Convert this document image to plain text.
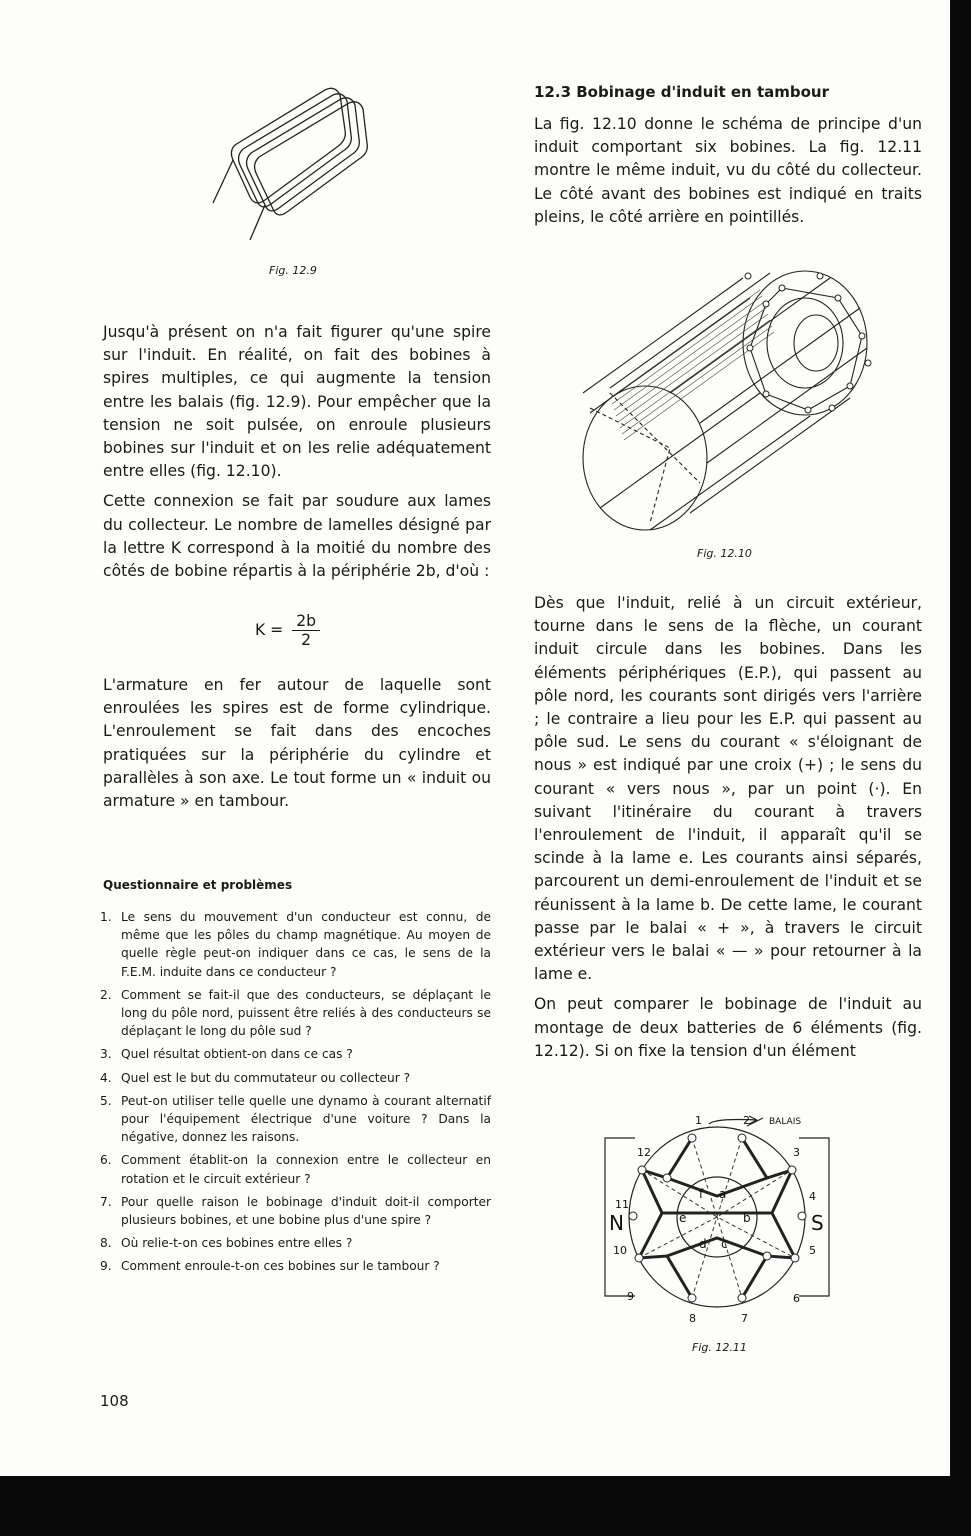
Fig. 12.9

Jusqu'à présent on n'a fait figurer qu'une spire sur l'induit. En réalité, on fait des bobines à spires multiples, ce qui augmente la tension entre les balais (fig. 12.9). Pour empêcher que la tension ne soit pulsée, on enroule plusieurs bobines sur l'induit et on les relie adéquatement entre elles (fig. 12.10).

Cette connexion se fait par soudure aux lames du collecteur. Le nombre de lamelles désigné par la lettre K correspond à la moitié du nombre des côtés de bobine répartis à la périphérie 2b, d'où :

$K = \frac{2b}{2}$

L'armature en fer autour de laquelle sont enroulées les spires est de forme cylindrique. L'enroulement se fait dans des encoches pratiquées sur la périphérie du cylindre et parallèles à son axe. Le tout forme un « induit ou armature » en tambour.

Questionnaire et problèmes
1. Le sens du mouvement d'un conducteur est connu, de même que les pôles du champ magnétique. Au moyen de quelle règle peut-on indiquer dans ce cas, le sens de la F.E.M. induite dans ce conducteur ?
2. Comment se fait-il que des conducteurs, se déplaçant le long du pôle nord, puissent être reliés à des conducteurs se déplaçant le long du pôle sud ?
3. Quel résultat obtient-on dans ce cas ?
4. Quel est le but du commutateur ou collecteur ?
5. Peut-on utiliser telle quelle une dynamo à courant alternatif pour l'équipement électrique d'une voiture ? Dans la négative, donnez les raisons.
6. Comment établit-on la connexion entre le collecteur en rotation et le circuit extérieur ?
7. Pour quelle raison le bobinage d'induit doit-il comporter plusieurs bobines, et une bobine plus d'une spire ?
8. Où relie-t-on ces bobines entre elles ?
9. Comment enroule-t-on ces bobines sur le tambour ?
108
12.3 Bobinage d'induit en tambour

La fig. 12.10 donne le schéma de principe d'un induit comportant six bobines. La fig. 12.11 montre le même induit, vu du côté du collecteur. Le côté avant des bobines est indiqué en traits pleins, le côté arrière en pointillés.

Fig. 12.10

Dès que l'induit, relié à un circuit extérieur, tourne dans le sens de la flèche, un courant induit circule dans les bobines. Dans les éléments périphériques (E.P.), qui passent au pôle nord, les courants sont dirigés vers l'arrière ; le contraire a lieu pour les E.P. qui passent au pôle sud. Le sens du courant « s'éloignant de nous » est indiqué par une croix (+) ; le sens du courant « vers nous », par un point (·). En suivant l'itinéraire du courant à travers l'enroulement de l'induit, il apparaît qu'il se scinde à la lame e. Les courants ainsi séparés, parcourent un demi-enroulement de l'induit et se réunissent à la lame b. De cette lame, le courant passe par le balai « + », à travers le circuit extérieur vers le balai « — » pour retourner à la lame e.

On peut comparer le bobinage de l'induit au montage de deux batteries de 6 éléments (fig. 12.12). Si on fixe la tension d'un élément

N	S
BALAIS
1	2
3
4
5
6
7
8
9
10
11
12
a
b
c
d
e
f
Fig. 12.11
